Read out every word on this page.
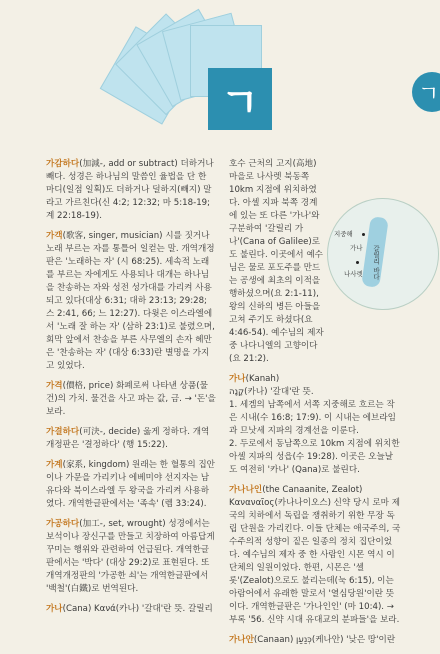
ㄱ	ㄱ

가감하다(加減-, add or subtract) 더하거나 빼다. 성경은 하나님의 말씀인 율법을 단 한 마디(일점 일획)도 더하거나 덜하지(빼지) 말라고 가르친다(신 4:2; 12:32; 마 5:18-19; 계 22:18-19).

가객(歌客, singer, musician) 시를 짓거나 노래 부르는 자를 통틀어 일컫는 말. 개역개정판은 '노래하는 자' (시 68:25). 세속적 노래를 부르는 자에게도 사용되나 대개는 하나님을 찬송하는 자와 성전 성가대를 가리켜 사용되고 있다(대상 6:31; 대하 23:13; 29:28; 스 2:41, 66; 느 12:27). 다윗은 이스라엘에서 '노래 잘 하는 자' (삼하 23:1)로 불렸으며, 회막 앞에서 찬송을 부른 사무엘의 손자 헤만은 '찬송하는 자' (대상 6:33)란 별명을 가지고 있었다.

가격(價格, price) 화폐로써 나타낸 상품(물건)의 가치. 물건을 사고 파는 값, 금. → '돈'을 보라.

가결하다(可決-, decide) 옳게 정하다. 개역개정판은 '결정하다' (행 15:22).

가계(家系, kingdom) 원래는 한 혈통의 집안이나 가문을 가리키나 에베미야 선지자는 남유다와 북이스라엘 두 왕국을 가리켜 사용하였다. 개역한글판에서는 '족속' (렘 33:24).

가공하다(加工-, set, wrought) 성경에서는 보석이나 장신구를 만들고 치장하여 아름답게 꾸미는 행위와 관련하여 언급된다. 개역한글판에서는 '박다' (대상 29:2)로 표현된다. 또 개역개정판의 '가공한 쇠'는 개역한글판에서 '백철'(白鐵)로 번역된다.

가나(Cana) Κανά(카나) '갈대'란 뜻. 갈릴리

지중해
가나
나사렛 갈릴리 바다

호수 근처의 고지(高地) 마을로 나사렛 북동쪽 10km 지점에 위치하였다. 아셀 지파 북쪽 경계에 있는 또 다른 '가나'와 구분하여 '갈릴리 가나'(Cana of Galilee)로도 불린다. 이곳에서 예수님은 물로 포도주를 만드는 공생에 최초의 이적을 행하셨으며(요 2:1-11), 왕의 신하의 병든 아들을 고쳐 주기도 하셨다(요 4:46-54). 예수님의 제자 중 나다니엘의 고향이다(요 21:2).

가나(Kanah)
קָנָה(카나) '갈대'란 뜻.
1. 세겜의 남쪽에서 서쪽 지중해로 흐르는 작은 시내(수 16:8; 17:9). 이 시내는 에브라임과 므낫세 지파의 경계선을 이룬다.
2. 두로에서 동남쪽으로 10km 지점에 위치한 아셀 지파의 성읍(수 19:28). 이곳은 오늘날도 여전히 '카나' (Qana)로 불린다.

가나나인(the Canaanite, Zealot) Καναναῖος(카나나이오스) 신약 당시 로마 제국의 치하에서 독립을 쟁취하기 위한 무장 독립 단원을 가리킨다. 이들 단체는 애국주의, 국수주의적 성향이 짙은 일종의 정치 집단이었다. 예수님의 제자 중 한 사람인 시몬 역시 이 단체의 일원이었다. 한편, 시몬은 '셀롯'(Zealot)으로도 불리는데(눅 6:15), 이는 아람어에서 유래한 말로서 '열심당원'이란 뜻이다. 개역한글판은 '가나인인' (마 10:4). → 부록 '56. 신약 시대 유대교의 분파들'을 보라.

가나안(Canaan) כְּנַעַן(케나안) '낮은 땅'이란
